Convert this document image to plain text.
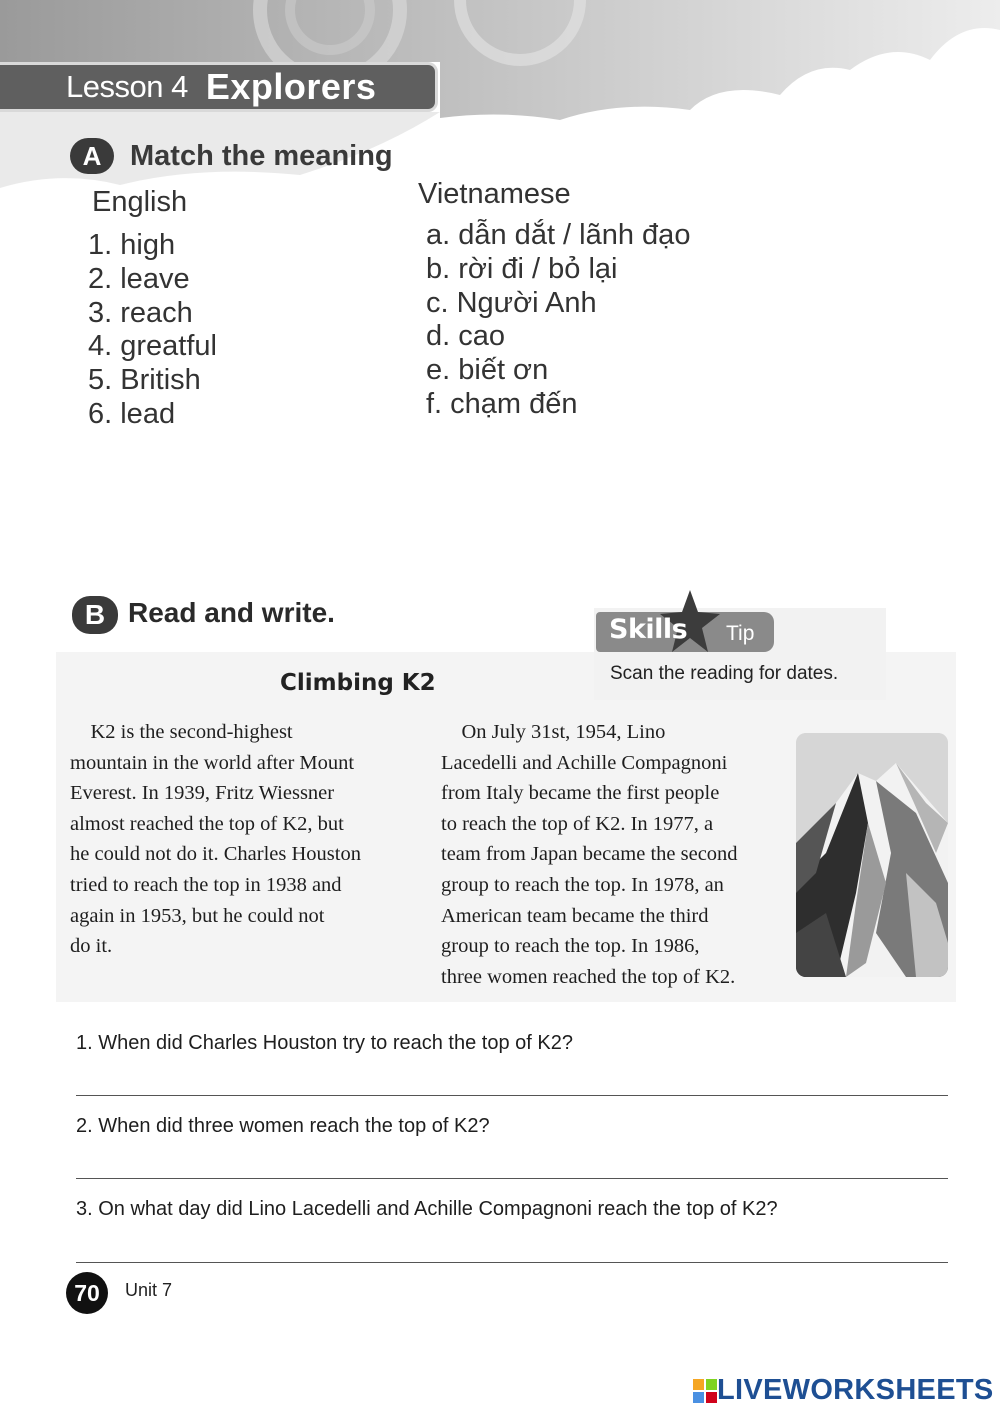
Lesson 4 Explorers
A Match the meaning
English	Vietnamese
1. high
2. leave
3. reach
4. greatful
5. British
6. lead
a. dẫn dắt / lãnh đạo
b. rời đi / bỏ lại
c. Người Anh
d. cao
e. biết ơn
f. chạm đến
B Read and write.
Skills Tip
Scan the reading for dates.
Climbing K2
K2 is the second-highest
mountain in the world after Mount
Everest. In 1939, Fritz Wiessner
almost reached the top of K2, but
he could not do it. Charles Houston
tried to reach the top in 1938 and
again in 1953, but he could not
do it.
On July 31st, 1954, Lino
Lacedelli and Achille Compagnoni
from Italy became the first people
to reach the top of K2. In 1977, a
team from Japan became the second
group to reach the top. In 1978, an
American team became the third
group to reach the top. In 1986,
three women reached the top of K2.
1. When did Charles Houston try to reach the top of K2?
2. When did three women reach the top of K2?
3. On what day did Lino Lacedelli and Achille Compagnoni reach the top of K2?
70	Unit 7
LIVEWORKSHEETS
